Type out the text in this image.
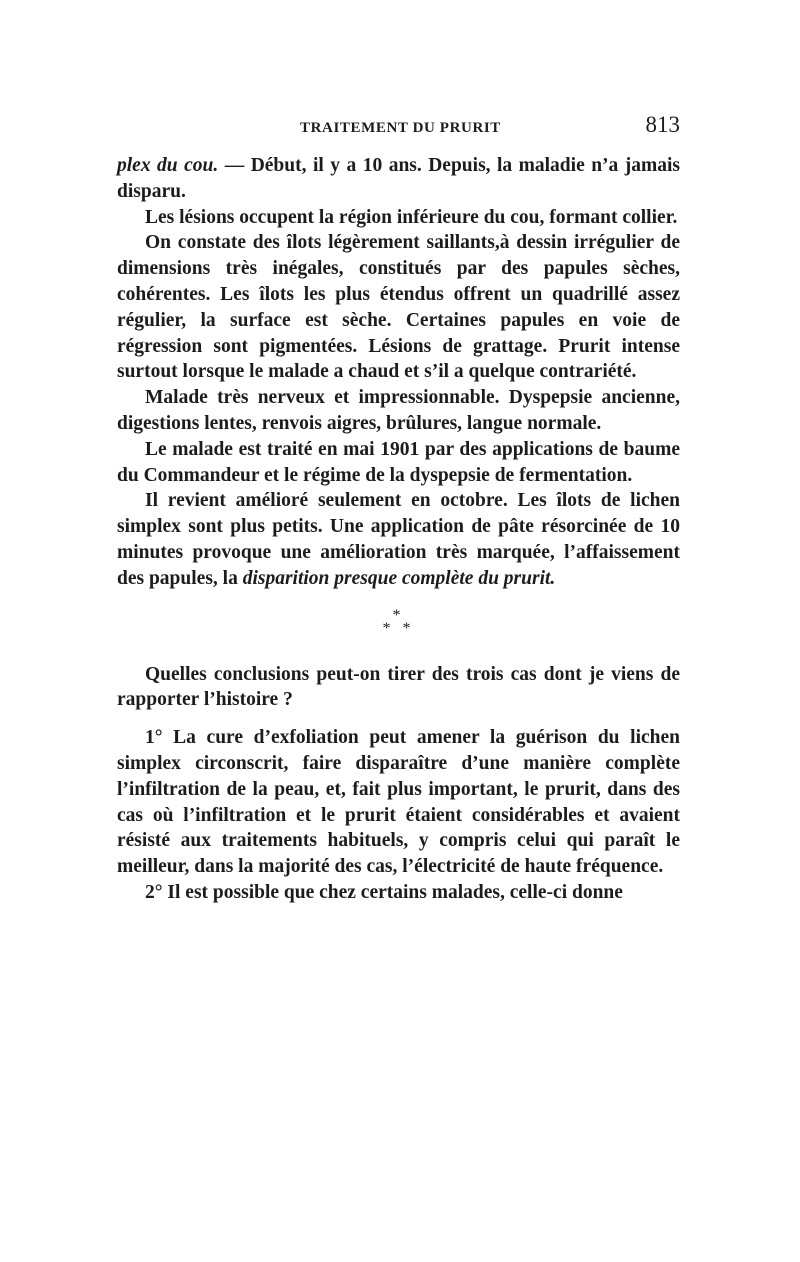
TRAITEMENT DU PRURIT	813

plex du cou. — Début, il y a 10 ans. Depuis, la maladie n’a jamais disparu.

Les lésions occupent la région inférieure du cou, formant collier.

On constate des îlots légèrement saillants,à dessin irrégulier de dimensions très inégales, constitués par des papules sèches, cohérentes. Les îlots les plus étendus offrent un quadrillé assez régulier, la surface est sèche. Certaines papules en voie de régression sont pigmentées. Lésions de grattage. Prurit intense surtout lorsque le malade a chaud et s’il a quelque contrariété.

Malade très nerveux et impressionnable. Dyspepsie ancienne, digestions lentes, renvois aigres, brûlures, langue normale.

Le malade est traité en mai 1901 par des applications de baume du Commandeur et le régime de la dyspepsie de fermentation.

Il revient amélioré seulement en octobre. Les îlots de lichen simplex sont plus petits. Une application de pâte résorcinée de 10 minutes provoque une amélioration très marquée, l’affaissement des papules, la disparition presque complète du prurit.

*
* *

Quelles conclusions peut-on tirer des trois cas dont je viens de rapporter l’histoire ?

1° La cure d’exfoliation peut amener la guérison du lichen simplex circonscrit, faire disparaître d’une manière complète l’infiltration de la peau, et, fait plus important, le prurit, dans des cas où l’infiltration et le prurit étaient considérables et avaient résisté aux traitements habituels, y compris celui qui paraît le meilleur, dans la majorité des cas, l’électricité de haute fréquence.

2° Il est possible que chez certains malades, celle-ci donne
